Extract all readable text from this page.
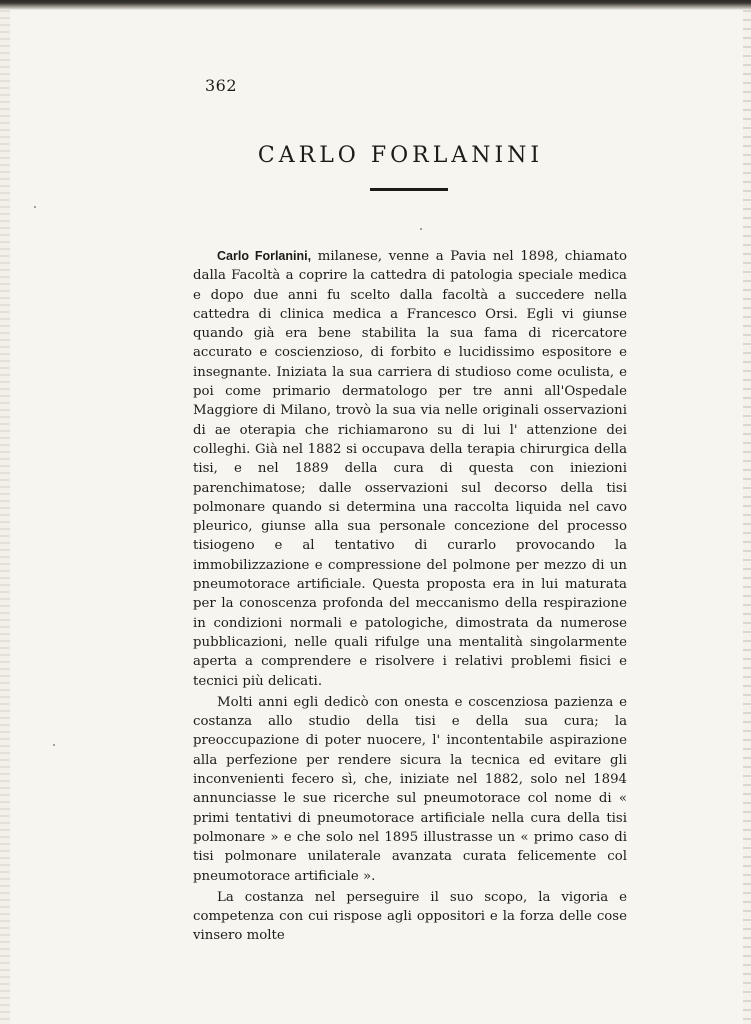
362
CARLO FORLANINI

Carlo Forlanini, milanese, venne a Pavia nel 1898, chiamato dalla Facoltà a coprire la cattedra di patologia speciale medica e dopo due anni fu scelto dalla facoltà a succedere nella cattedra di clinica medica a Francesco Orsi. Egli vi giunse quando già era bene stabilita la sua fama di ricercatore accurato e coscienzioso, di forbito e lucidissimo espositore e insegnante. Iniziata la sua carriera di studioso come oculista, e poi come primario dermatologo per tre anni all'Ospedale Maggiore di Milano, trovò la sua via nelle originali osservazioni di ae oterapia che richiamarono su di lui l' attenzione dei colleghi. Già nel 1882 si occupava della terapia chirurgica della tisi, e nel 1889 della cura di questa con iniezioni parenchimatose; dalle osservazioni sul decorso della tisi polmonare quando si determina una raccolta liquida nel cavo pleurico, giunse alla sua personale concezione del processo tisiogeno e al tentativo di curarlo provocando la immobilizzazione e compressione del polmone per mezzo di un pneumotorace artificiale. Questa proposta era in lui maturata per la conoscenza profonda del meccanismo della respirazione in condizioni normali e patologiche, dimostrata da numerose pubblicazioni, nelle quali rifulge una mentalità singolarmente aperta a comprendere e risolvere i relativi problemi fisici e tecnici più delicati.

Molti anni egli dedicò con onesta e coscenziosa pazienza e costanza allo studio della tisi e della sua cura; la preoccupazione di poter nuocere, l' incontentabile aspirazione alla perfezione per rendere sicura la tecnica ed evitare gli inconvenienti fecero sì, che, iniziate nel 1882, solo nel 1894 annunciasse le sue ricerche sul pneumotorace col nome di « primi tentativi di pneumotorace artificiale nella cura della tisi polmonare » e che solo nel 1895 illustrasse un « primo caso di tisi polmonare unilaterale avanzata curata felicemente col pneumotorace artificiale ».

La costanza nel perseguire il suo scopo, la vigoria e competenza con cui rispose agli oppositori e la forza delle cose vinsero molte
